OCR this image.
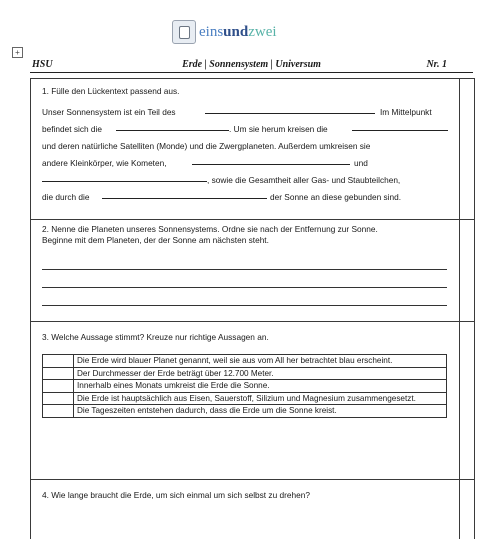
einsundzwei
+
HSU	Erde | Sonnensystem | Universum	Nr. 1

1. Fülle den Lückentext passend aus.

Unser Sonnensystem ist ein Teil des	Im Mittelpunkt
befindet sich die	. Um sie herum kreisen die
und deren natürliche Satelliten (Monde) und die Zwergplaneten. Außerdem umkreisen sie
andere Kleinkörper, wie Kometen,	und
, sowie die Gesamtheit aller Gas- und Staubteilchen,
die durch die	der Sonne an diese gebunden sind.

2. Nenne die Planeten unseres Sonnensystems. Ordne sie nach der Entfernung zur Sonne.

Beginne mit dem Planeten, der der Sonne am nächsten steht.

3. Welche Aussage stimmt? Kreuze nur richtige Aussagen an.

	Die Erde wird blauer Planet genannt, weil sie aus vom All her betrachtet blau erscheint.
	Der Durchmesser der Erde beträgt über 12.700 Meter.
	Innerhalb eines Monats umkreist die Erde die Sonne.
	Die Erde ist hauptsächlich aus Eisen, Sauerstoff, Silizium und Magnesium zusammengesetzt.
	Die Tageszeiten entstehen dadurch, dass die Erde um die Sonne kreist.

4. Wie lange braucht die Erde, um sich einmal um sich selbst zu drehen?
